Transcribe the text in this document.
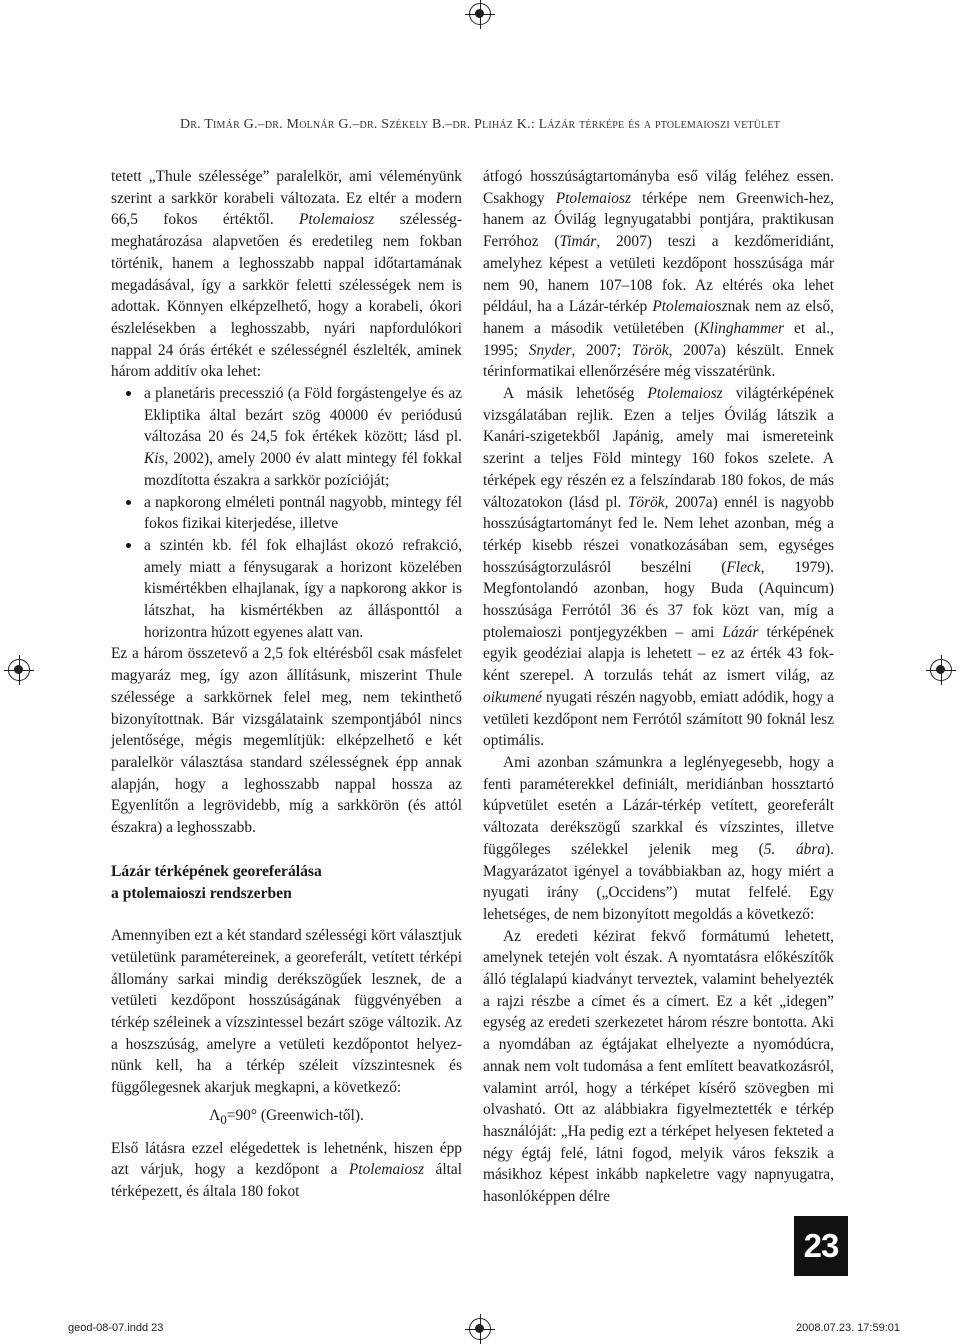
Dr. Timár G.–dr. Molnár G.–dr. Székely B.–dr. Pliház K.: Lázár térképe és a ptolemaioszi vetület

tetett „Thule szélessége” paralelkör, ami véleményünk szerint a sarkkör korabeli változata. Ez eltér a modern 66,5 fokos értéktől. Ptolemaiosz szélesség-meghatározása alapvetően és eredetileg nem fokban történik, hanem a leghosszabb nappal időtartamának megadásával, így a sarkkör feletti szélességek nem is adottak. Könnyen elképzelhető, hogy a korabeli, ókori észlelésekben a leghosszabb, nyári napfordulókori nappal 24 órás értékét e szélességnél észlelték, aminek három additív oka lehet:

a planetáris precesszió (a Föld forgástengelye és az Ekliptika által bezárt szög 40000 év periódusú változása 20 és 24,5 fok értékek között; lásd pl. Kis, 2002), amely 2000 év alatt mintegy fél fokkal mozdította északra a sarkkör pozícióját;
a napkorong elméleti pontnál nagyobb, mintegy fél fokos fizikai kiterjedése, illetve
a szintén kb. fél fok elhajlást okozó refrakció, amely miatt a fénysugarak a horizont közelében kismértékben elhajlanak, így a napkorong akkor is látszhat, ha kismértékben az állásponttól a horizontra húzott egyenes alatt van.

Ez a három összetevő a 2,5 fok eltérésből csak másfelet magyaráz meg, így azon állításunk, miszerint Thule szélessége a sarkkörnek felel meg, nem tekinthető bizonyítottnak. Bár vizsgálataink szempontjából nincs jelentősége, mégis megemlítjük: elképzelhető e két paralelkör választása standard szélességnek épp annak alapján, hogy a leghosszabb nappal hossza az Egyenlítőn a legrövidebb, míg a sarkkörön (és attól északra) a leghosszabb.

Lázár térképének georeferálása
a ptolemaioszi rendszerben

Amennyiben ezt a két standard szélességi kört választjuk vetületünk paramétereinek, a georeferált, vetített térképi állomány sarkai mindig derékszögűek lesznek, de a vetületi kezdőpont hosszúságának függvényében a térkép széleinek a vízszintessel bezárt szöge változik. Az a hoszszúság, amelyre a vetületi kezdőpontot helyeznünk kell, ha a térkép széleit vízszintesnek és függőlegesnek akarjuk megkapni, a következő:

$\Lambda_0=90^\circ$ (Greenwich-től).

Első látásra ezzel elégedettek is lehetnénk, hiszen épp azt várjuk, hogy a kezdőpont a Ptolemaiosz által térképezett, és általa 180 fokot

átfogó hosszúságtartományba eső világ feléhez essen. Csakhogy Ptolemaiosz térképe nem Greenwich-hez, hanem az Óvilág legnyugatabbi pontjára, praktikusan Ferróhoz (Timár, 2007) teszi a kezdőmeridiánt, amelyhez képest a vetületi kezdőpont hosszúsága már nem 90, hanem 107–108 fok. Az eltérés oka lehet például, ha a Lázár-térkép Ptolemaiosznak nem az első, hanem a második vetületében (Klinghammer et al., 1995; Snyder, 2007; Török, 2007a) készült. Ennek térinformatikai ellenőrzésére még visszatérünk.

A másik lehetőség Ptolemaiosz világtérképének vizsgálatában rejlik. Ezen a teljes Óvilág látszik a Kanári-szigetekből Japánig, amely mai ismereteink szerint a teljes Föld mintegy 160 fokos szelete. A térképek egy részén ez a felszíndarab 180 fokos, de más változatokon (lásd pl. Török, 2007a) ennél is nagyobb hosszúságtartományt fed le. Nem lehet azonban, még a térkép kisebb részei vonatkozásában sem, egységes hosszúságtorzulásról beszélni (Fleck, 1979). Megfontolandó azonban, hogy Buda (Aquincum) hosszúsága Ferrótól 36 és 37 fok közt van, míg a ptolemaioszi pontjegyzékben – ami Lázár térképének egyik geodéziai alapja is lehetett – ez az érték 43 fokként szerepel. A torzulás tehát az ismert világ, az oikumené nyugati részén nagyobb, emiatt adódik, hogy a vetületi kezdőpont nem Ferrótól számított 90 foknál lesz optimális.

Ami azonban számunkra a leglényegesebb, hogy a fenti paraméterekkel definiált, meridiánban hossztartó kúpvetület esetén a Lázár-térkép vetített, georeferált változata derékszögű szarkkal és vízszintes, illetve függőleges szélekkel jelenik meg (5. ábra). Magyarázatot igényel a továbbiakban az, hogy miért a nyugati irány („Occidens”) mutat felfelé. Egy lehetséges, de nem bizonyított megoldás a következő:

Az eredeti kézirat fekvő formátumú lehetett, amelynek tetején volt észak. A nyomtatásra előkészítők álló téglalapú kiadványt terveztek, valamint behelyezték a rajzi részbe a címet és a címert. Ez a két „idegen” egység az eredeti szerkezetet három részre bontotta. Aki a nyomdában az égtájakat elhelyezte a nyomódúcra, annak nem volt tudomása a fent említett beavatkozásról, valamint arról, hogy a térképet kísérő szövegben mi olvasható. Ott az alábbiakra figyelmeztették e térkép használóját: „Ha pedig ezt a térképet helyesen fekteted a négy égtáj felé, látni fogod, melyik város fekszik a másikhoz képest inkább napkeletre vagy napnyugatra, hasonlóképpen délre

23
geod-08-07.indd 23	2008.07.23. 17:59:01
